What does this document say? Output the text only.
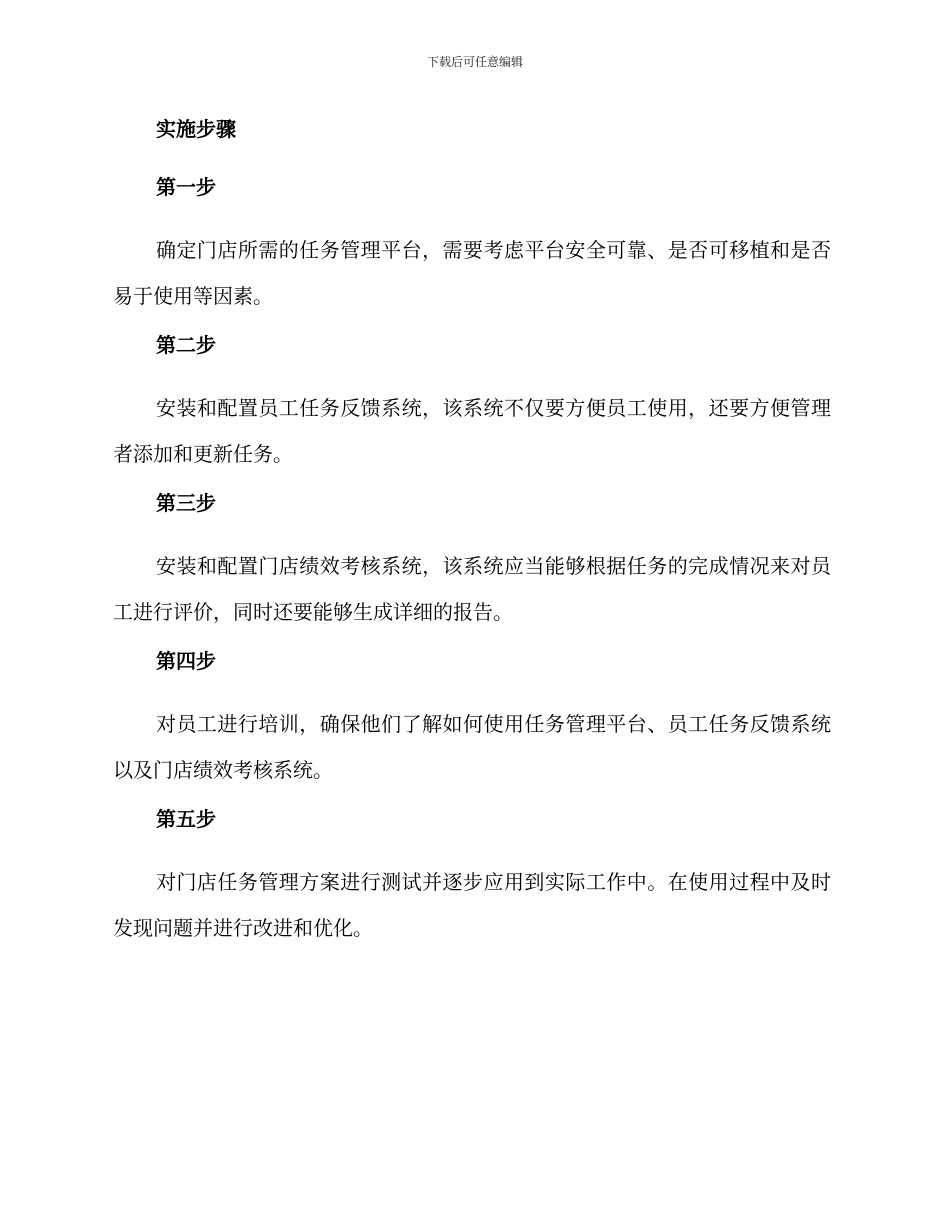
下载后可任意编辑
实施步骤
第一步

确定门店所需的任务管理平台，需要考虑平台安全可靠、是否可移植和是否易于使用等因素。

第二步

安装和配置员工任务反馈系统，该系统不仅要方便员工使用，还要方便管理者添加和更新任务。

第三步

安装和配置门店绩效考核系统，该系统应当能够根据任务的完成情况来对员工进行评价，同时还要能够生成详细的报告。

第四步

对员工进行培训，确保他们了解如何使用任务管理平台、员工任务反馈系统以及门店绩效考核系统。

第五步

对门店任务管理方案进行测试并逐步应用到实际工作中。在使用过程中及时发现问题并进行改进和优化。
